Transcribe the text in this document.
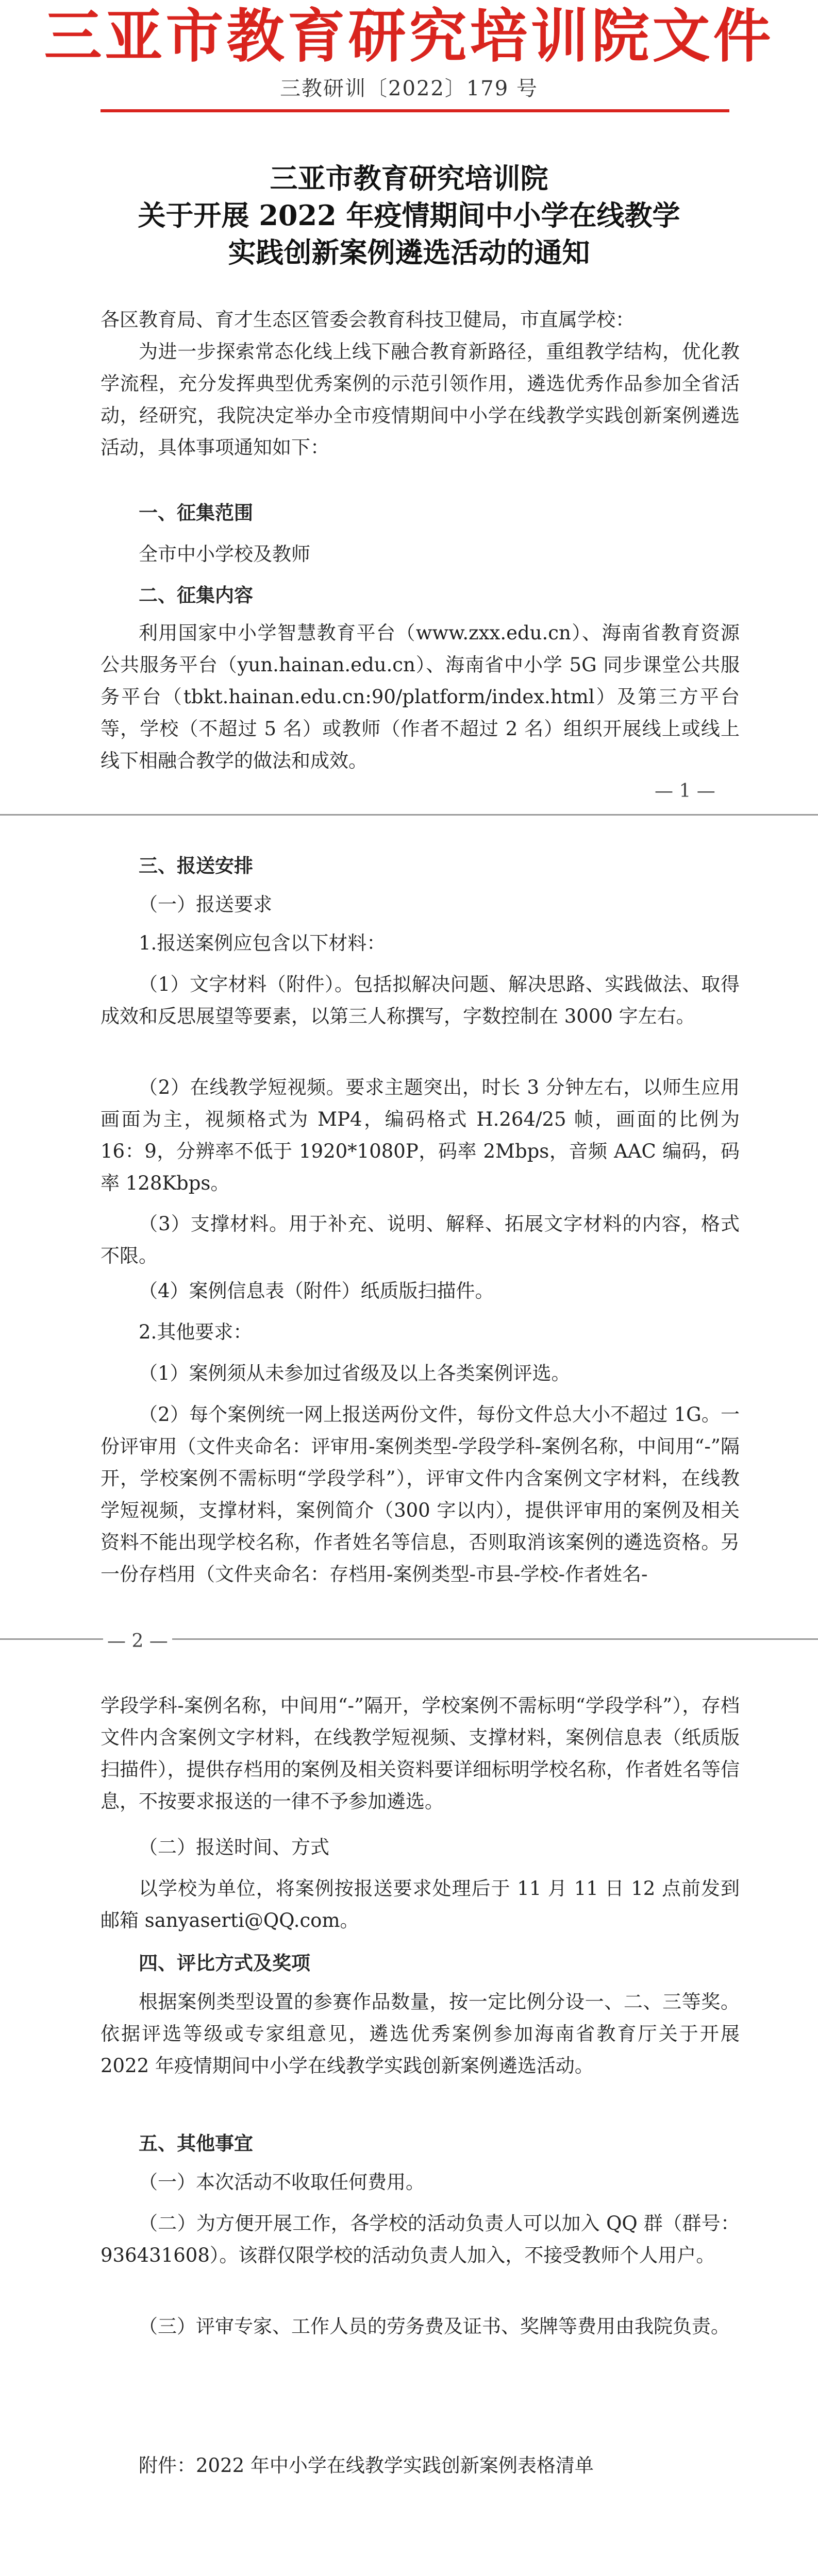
三亚市教育研究培训院文件
三教研训〔2022〕179 号
三亚市教育研究培训院
关于开展 2022 年疫情期间中小学在线教学
实践创新案例遴选活动的通知
各区教育局、育才生态区管委会教育科技卫健局，市直属学校：
为进一步探索常态化线上线下融合教育新路径，重组教学结构，优化教学流程，充分发挥典型优秀案例的示范引领作用，遴选优秀作品参加全省活动，经研究，我院决定举办全市疫情期间中小学在线教学实践创新案例遴选活动，具体事项通知如下：
一、征集范围
全市中小学校及教师
二、征集内容
利用国家中小学智慧教育平台（www.zxx.edu.cn）、海南省教育资源公共服务平台（yun.hainan.edu.cn）、海南省中小学 5G 同步课堂公共服务平台（tbkt.hainan.edu.cn:90/platform/index.html）及第三方平台等，学校（不超过 5 名）或教师（作者不超过 2 名）组织开展线上或线上线下相融合教学的做法和成效。
— 1 —
三、报送安排
（一）报送要求
1.报送案例应包含以下材料：
（1）文字材料（附件）。包括拟解决问题、解决思路、实践做法、取得成效和反思展望等要素，以第三人称撰写，字数控制在 3000 字左右。
（2）在线教学短视频。要求主题突出，时长 3 分钟左右，以师生应用画面为主，视频格式为 MP4，编码格式 H.264/25 帧，画面的比例为 16：9，分辨率不低于 1920*1080P，码率 2Mbps，音频 AAC 编码，码率 128Kbps。
（3）支撑材料。用于补充、说明、解释、拓展文字材料的内容，格式不限。
（4）案例信息表（附件）纸质版扫描件。
2.其他要求：
（1）案例须从未参加过省级及以上各类案例评选。
（2）每个案例统一网上报送两份文件，每份文件总大小不超过 1G。一份评审用（文件夹命名：评审用-案例类型-学段学科-案例名称，中间用“-”隔开，学校案例不需标明“学段学科”），评审文件内含案例文字材料，在线教学短视频，支撑材料，案例简介（300 字以内），提供评审用的案例及相关资料不能出现学校名称，作者姓名等信息，否则取消该案例的遴选资格。另一份存档用（文件夹命名：存档用-案例类型-市县-学校-作者姓名-
— 2 —
学段学科-案例名称，中间用“-”隔开，学校案例不需标明“学段学科”），存档文件内含案例文字材料，在线教学短视频、支撑材料，案例信息表（纸质版扫描件），提供存档用的案例及相关资料要详细标明学校名称，作者姓名等信息，不按要求报送的一律不予参加遴选。
（二）报送时间、方式
以学校为单位，将案例按报送要求处理后于 11 月 11 日 12 点前发到邮箱 sanyaserti@QQ.com。
四、评比方式及奖项
根据案例类型设置的参赛作品数量，按一定比例分设一、二、三等奖。依据评选等级或专家组意见，遴选优秀案例参加海南省教育厅关于开展 2022 年疫情期间中小学在线教学实践创新案例遴选活动。
五、其他事宜
（一）本次活动不收取任何费用。
（二）为方便开展工作，各学校的活动负责人可以加入 QQ 群（群号：936431608）。该群仅限学校的活动负责人加入，不接受教师个人用户。
（三）评审专家、工作人员的劳务费及证书、奖牌等费用由我院负责。
附件：2022 年中小学在线教学实践创新案例表格清单
